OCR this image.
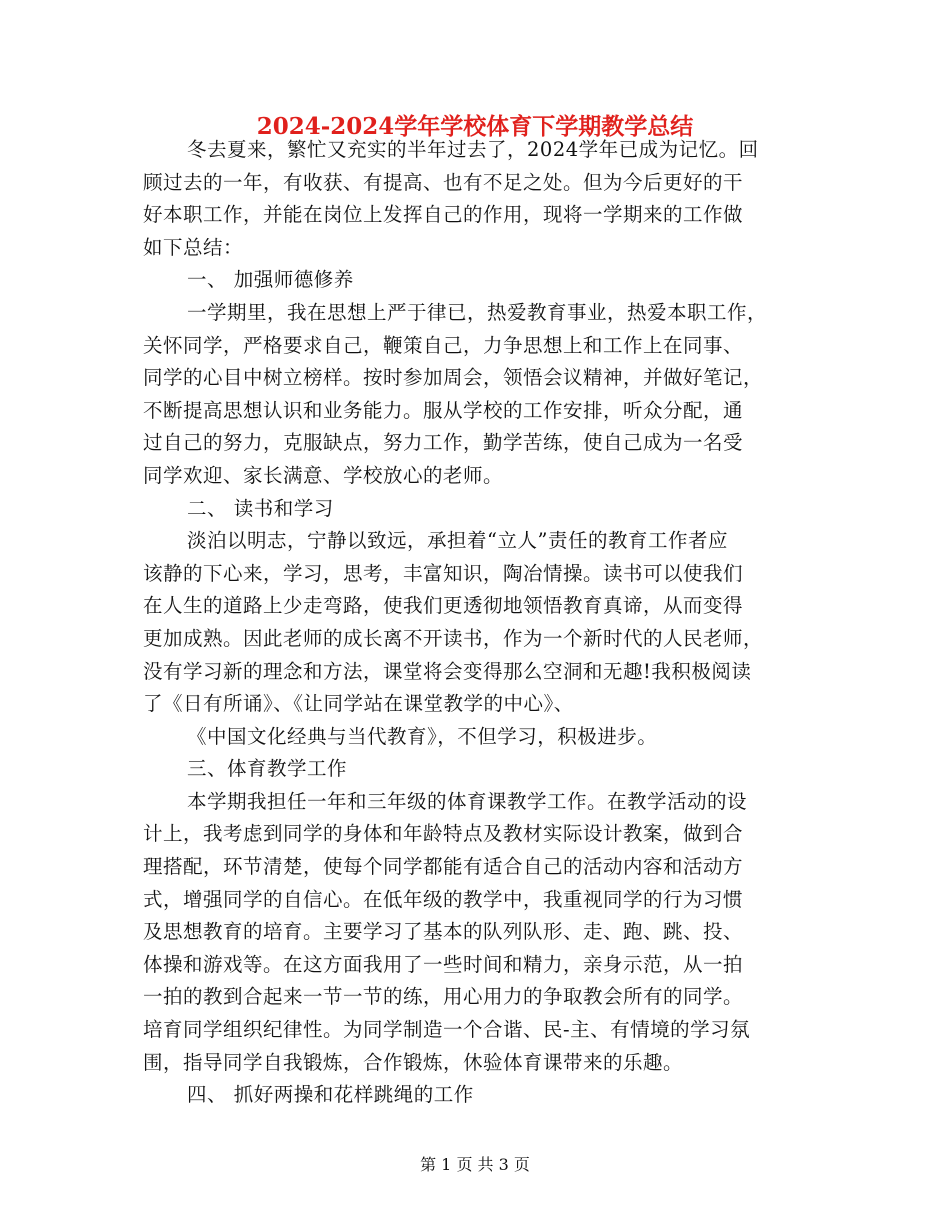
2024-2024学年学校体育下学期教学总结
冬去夏来，繁忙又充实的半年过去了，2024学年已成为记忆。回
顾过去的一年，有收获、有提高、也有不足之处。但为今后更好的干
好本职工作，并能在岗位上发挥自己的作用，现将一学期来的工作做
如下总结：
一、 加强师德修养
一学期里，我在思想上严于律已，热爱教育事业，热爱本职工作，
关怀同学，严格要求自己，鞭策自己，力争思想上和工作上在同事、
同学的心目中树立榜样。按时参加周会，领悟会议精神，并做好笔记，
不断提高思想认识和业务能力。服从学校的工作安排，听众分配，通
过自己的努力，克服缺点，努力工作，勤学苦练，使自己成为一名受
同学欢迎、家长满意、学校放心的老师。
二、 读书和学习
淡泊以明志，宁静以致远，承担着“立人”责任的教育工作者应
该静的下心来，学习，思考，丰富知识，陶冶情操。读书可以使我们
在人生的道路上少走弯路，使我们更透彻地领悟教育真谛，从而变得
更加成熟。因此老师的成长离不开读书，作为一个新时代的人民老师，
没有学习新的理念和方法，课堂将会变得那么空洞和无趣!我积极阅读
了《日有所诵》、《让同学站在课堂教学的中心》、
《中国文化经典与当代教育》，不但学习，积极进步。
三、体育教学工作
本学期我担任一年和三年级的体育课教学工作。在教学活动的设
计上，我考虑到同学的身体和年龄特点及教材实际设计教案，做到合
理搭配，环节清楚，使每个同学都能有适合自己的活动内容和活动方
式，增强同学的自信心。在低年级的教学中，我重视同学的行为习惯
及思想教育的培育。主要学习了基本的队列队形、走、跑、跳、投、
体操和游戏等。在这方面我用了一些时间和精力，亲身示范，从一拍
一拍的教到合起来一节一节的练，用心用力的争取教会所有的同学。
培育同学组织纪律性。为同学制造一个合谐、民-主、有情境的学习氛
围，指导同学自我锻炼，合作锻炼，休验体育课带来的乐趣。
四、 抓好两操和花样跳绳的工作
第 1 页 共 3 页
